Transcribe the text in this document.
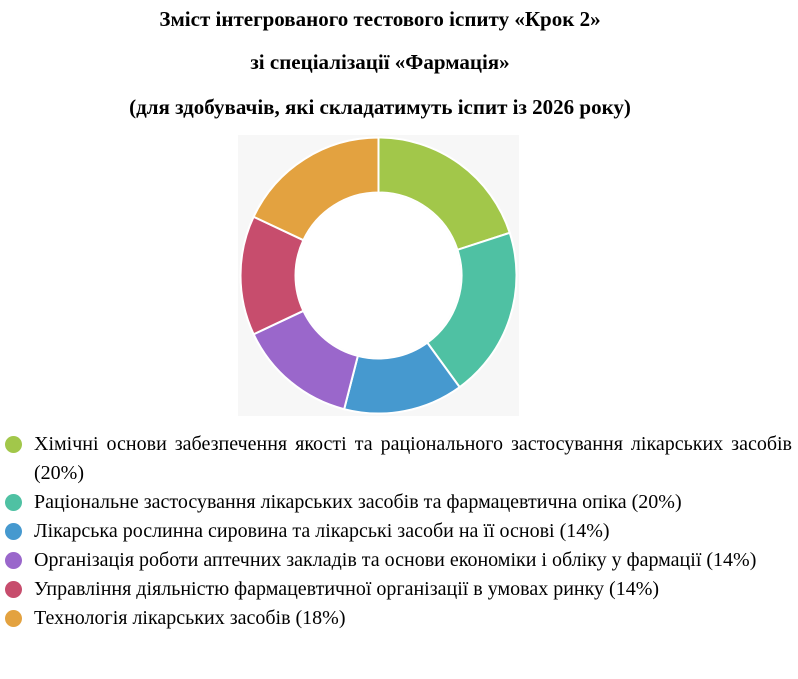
Зміст інтегрованого тестового іспиту «Крок 2»
зі спеціалізації «Фармація»
(для здобувачів, які складатимуть іспит із 2026 року)
Хімічні основи забезпечення якості та раціонального застосування лікарських засобів (20%)
Раціональне застосування лікарських засобів та фармацевтична опіка (20%)
Лікарська рослинна сировина та лікарські засоби на її основі (14%)
Організація роботи аптечних закладів та основи економіки і обліку у фармації (14%)
Управління діяльністю фармацевтичної організації в умовах ринку (14%)
Технологія лікарських засобів (18%)
